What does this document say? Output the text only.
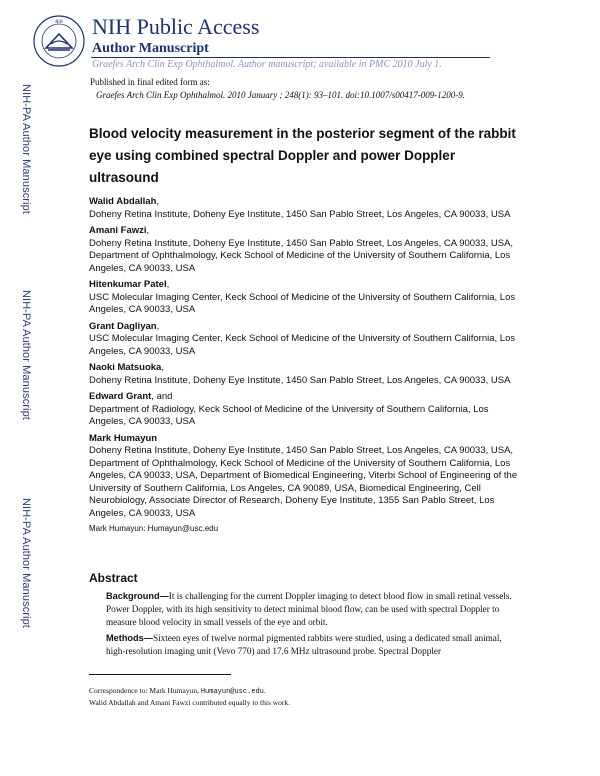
NIH NIH Public Access
Author Manuscript
Graefes Arch Clin Exp Ophthalmol. Author manuscript; available in PMC 2010 July 1.
Published in final edited form as:
Graefes Arch Clin Exp Ophthalmol. 2010 January ; 248(1): 93–101. doi:10.1007/s00417-009-1200-9.
NIH-PA Author Manuscript
NIH-PA Author Manuscript
NIH-PA Author Manuscript
Blood velocity measurement in the posterior segment of the rabbit eye using combined spectral Doppler and power Doppler ultrasound
Walid Abdallah,
Doheny Retina Institute, Doheny Eye Institute, 1450 San Pablo Street, Los Angeles, CA 90033, USA
Amani Fawzi,
Doheny Retina Institute, Doheny Eye Institute, 1450 San Pablo Street, Los Angeles, CA 90033, USA, Department of Ophthalmology, Keck School of Medicine of the University of Southern California, Los Angeles, CA 90033, USA
Hitenkumar Patel,
USC Molecular Imaging Center, Keck School of Medicine of the University of Southern California, Los Angeles, CA 90033, USA
Grant Dagliyan,
USC Molecular Imaging Center, Keck School of Medicine of the University of Southern California, Los Angeles, CA 90033, USA
Naoki Matsuoka,
Doheny Retina Institute, Doheny Eye Institute, 1450 San Pablo Street, Los Angeles, CA 90033, USA
Edward Grant, and
Department of Radiology, Keck School of Medicine of the University of Southern California, Los Angeles, CA 90033, USA
Mark Humayun
Doheny Retina Institute, Doheny Eye Institute, 1450 San Pablo Street, Los Angeles, CA 90033, USA, Department of Ophthalmology, Keck School of Medicine of the University of Southern California, Los Angeles, CA 90033, USA, Department of Biomedical Engineering, Viterbi School of Engineering of the University of Southern California, Los Angeles, CA 90089, USA, Biomedical Engineering, Cell Neurobiology, Associate Director of Research, Doheny Eye Institute, 1355 San Pablo Street, Los Angeles, CA 90033, USA
Mark Humayun: Humayun@usc.edu
Abstract
Background—It is challenging for the current Doppler imaging to detect blood flow in small retinal vessels. Power Doppler, with its high sensitivity to detect minimal blood flow, can be used with spectral Doppler to measure blood velocity in small vessels of the eye and orbit.
Methods—Sixteen eyes of twelve normal pigmented rabbits were studied, using a dedicated small animal, high-resolution imaging unit (Vevo 770) and 17.6 MHz ultrasound probe. Spectral Doppler
Correspondence to: Mark Humayun, Humayun@usc.edu.
Walid Abdallah and Amani Fawzi contributed equally to this work.
